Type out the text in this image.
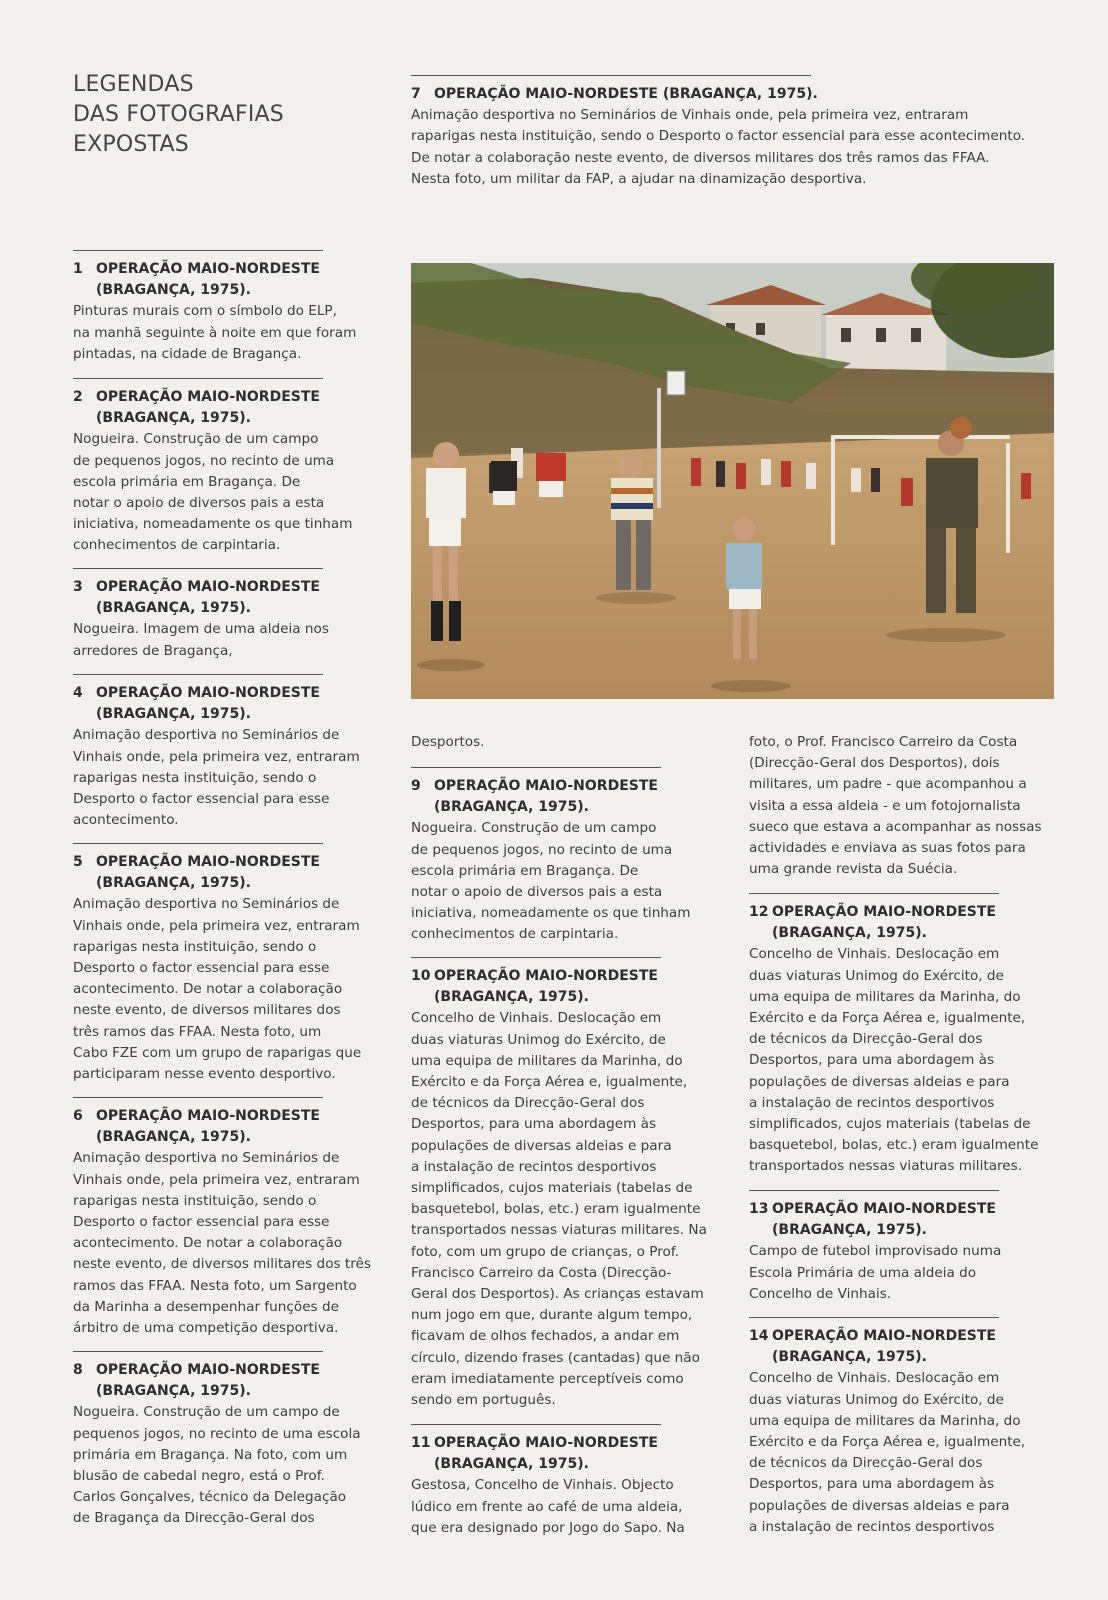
LEGENDAS
DAS FOTOGRAFIAS
EXPOSTAS
7 OPERAÇÃO MAIO-NORDESTE (BRAGANÇA, 1975).
Animação desportiva no Seminários de Vinhais onde, pela primeira vez, entraram
raparigas nesta instituição, sendo o Desporto o factor essencial para esse acontecimento.
De notar a colaboração neste evento, de diversos militares dos três ramos das FFAA.
Nesta foto, um militar da FAP, a ajudar na dinamização desportiva.
1 OPERAÇÃO MAIO-NORDESTE
(BRAGANÇA, 1975).
Pinturas murais com o símbolo do ELP,
na manhã seguinte à noite em que foram
pintadas, na cidade de Bragança.
2 OPERAÇÃO MAIO-NORDESTE
(BRAGANÇA, 1975).
Nogueira. Construção de um campo
de pequenos jogos, no recinto de uma
escola primária em Bragança. De
notar o apoio de diversos pais a esta
iniciativa, nomeadamente os que tinham
conhecimentos de carpintaria.
3 OPERAÇÃO MAIO-NORDESTE
(BRAGANÇA, 1975).
Nogueira. Imagem de uma aldeia nos
arredores de Bragança,
4 OPERAÇÃO MAIO-NORDESTE
(BRAGANÇA, 1975).
Animação desportiva no Seminários de
Vinhais onde, pela primeira vez, entraram
raparigas nesta instituição, sendo o
Desporto o factor essencial para esse
acontecimento.
5 OPERAÇÃO MAIO-NORDESTE
(BRAGANÇA, 1975).
Animação desportiva no Seminários de
Vinhais onde, pela primeira vez, entraram
raparigas nesta instituição, sendo o
Desporto o factor essencial para esse
acontecimento. De notar a colaboração
neste evento, de diversos militares dos
três ramos das FFAA. Nesta foto, um
Cabo FZE com um grupo de raparigas que
participaram nesse evento desportivo.
6 OPERAÇÃO MAIO-NORDESTE
(BRAGANÇA, 1975).
Animação desportiva no Seminários de
Vinhais onde, pela primeira vez, entraram
raparigas nesta instituição, sendo o
Desporto o factor essencial para esse
acontecimento. De notar a colaboração
neste evento, de diversos militares dos três
ramos das FFAA. Nesta foto, um Sargento
da Marinha a desempenhar funções de
árbitro de uma competição desportiva.
8 OPERAÇÃO MAIO-NORDESTE
(BRAGANÇA, 1975).
Nogueira. Construção de um campo de
pequenos jogos, no recinto de uma escola
primária em Bragança. Na foto, com um
blusão de cabedal negro, está o Prof.
Carlos Gonçalves, técnico da Delegação
de Bragança da Direcção-Geral dos
Desportos.
9 OPERAÇÃO MAIO-NORDESTE
(BRAGANÇA, 1975).
Nogueira. Construção de um campo
de pequenos jogos, no recinto de uma
escola primária em Bragança. De
notar o apoio de diversos pais a esta
iniciativa, nomeadamente os que tinham
conhecimentos de carpintaria.
10 OPERAÇÃO MAIO-NORDESTE
(BRAGANÇA, 1975).
Concelho de Vinhais. Deslocação em
duas viaturas Unimog do Exército, de
uma equipa de militares da Marinha, do
Exército e da Força Aérea e, igualmente,
de técnicos da Direcção-Geral dos
Desportos, para uma abordagem às
populações de diversas aldeias e para
a instalação de recintos desportivos
simplificados, cujos materiais (tabelas de
basquetebol, bolas, etc.) eram igualmente
transportados nessas viaturas militares. Na
foto, com um grupo de crianças, o Prof.
Francisco Carreiro da Costa (Direcção-
Geral dos Desportos). As crianças estavam
num jogo em que, durante algum tempo,
ficavam de olhos fechados, a andar em
círculo, dizendo frases (cantadas) que não
eram imediatamente perceptíveis como
sendo em português.
11 OPERAÇÃO MAIO-NORDESTE
(BRAGANÇA, 1975).
Gestosa, Concelho de Vinhais. Objecto
lúdico em frente ao café de uma aldeia,
que era designado por Jogo do Sapo. Na
foto, o Prof. Francisco Carreiro da Costa
(Direcção-Geral dos Desportos), dois
militares, um padre - que acompanhou a
visita a essa aldeia - e um fotojornalista
sueco que estava a acompanhar as nossas
actividades e enviava as suas fotos para
uma grande revista da Suécia.
12 OPERAÇÃO MAIO-NORDESTE
(BRAGANÇA, 1975).
Concelho de Vinhais. Deslocação em
duas viaturas Unimog do Exército, de
uma equipa de militares da Marinha, do
Exército e da Força Aérea e, igualmente,
de técnicos da Direcção-Geral dos
Desportos, para uma abordagem às
populações de diversas aldeias e para
a instalação de recintos desportivos
simplificados, cujos materiais (tabelas de
basquetebol, bolas, etc.) eram igualmente
transportados nessas viaturas militares.
13 OPERAÇÃO MAIO-NORDESTE
(BRAGANÇA, 1975).
Campo de futebol improvisado numa
Escola Primária de uma aldeia do
Concelho de Vinhais.
14 OPERAÇÃO MAIO-NORDESTE
(BRAGANÇA, 1975).
Concelho de Vinhais. Deslocação em
duas viaturas Unimog do Exército, de
uma equipa de militares da Marinha, do
Exército e da Força Aérea e, igualmente,
de técnicos da Direcção-Geral dos
Desportos, para uma abordagem às
populações de diversas aldeias e para
a instalação de recintos desportivos
